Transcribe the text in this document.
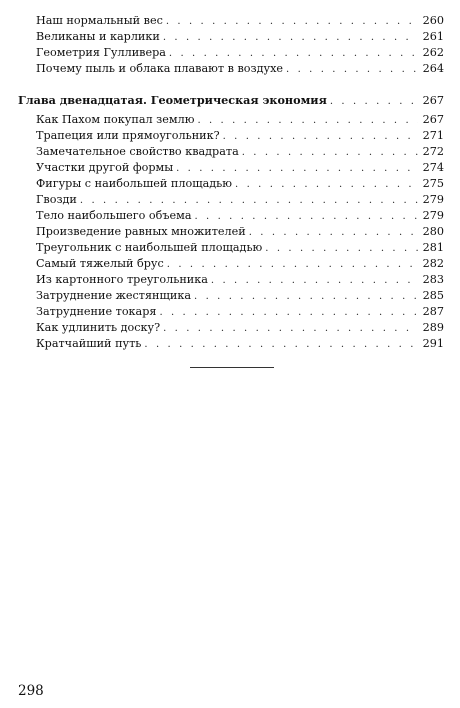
Наш нормальный вес . . .	260
Великаны и карлики . . .	261
Геометрия Гулливера . . .	262
Почему пыль и облака плавают в воздухе . . .	264
Глава двенадцатая. Геометрическая экономия . . .	267
Как Пахом покупал землю . . .	267
Трапеция или прямоугольник? . . .	271
Замечательное свойство квадрата . . .	272
Участки другой формы . . .	274
Фигуры с наибольшей площадью . . .	275
Гвозди . . .	279
Тело наибольшего объема . . .	279
Произведение равных множителей . . .	280
Треугольник с наибольшей площадью . . .	281
Самый тяжелый брус . . .	282
Из картонного треугольника . . .	283
Затруднение жестянщика . . .	285
Затруднение токаря . . .	287
Как удлинить доску? . . .	289
Кратчайший путь . . .	291
298
